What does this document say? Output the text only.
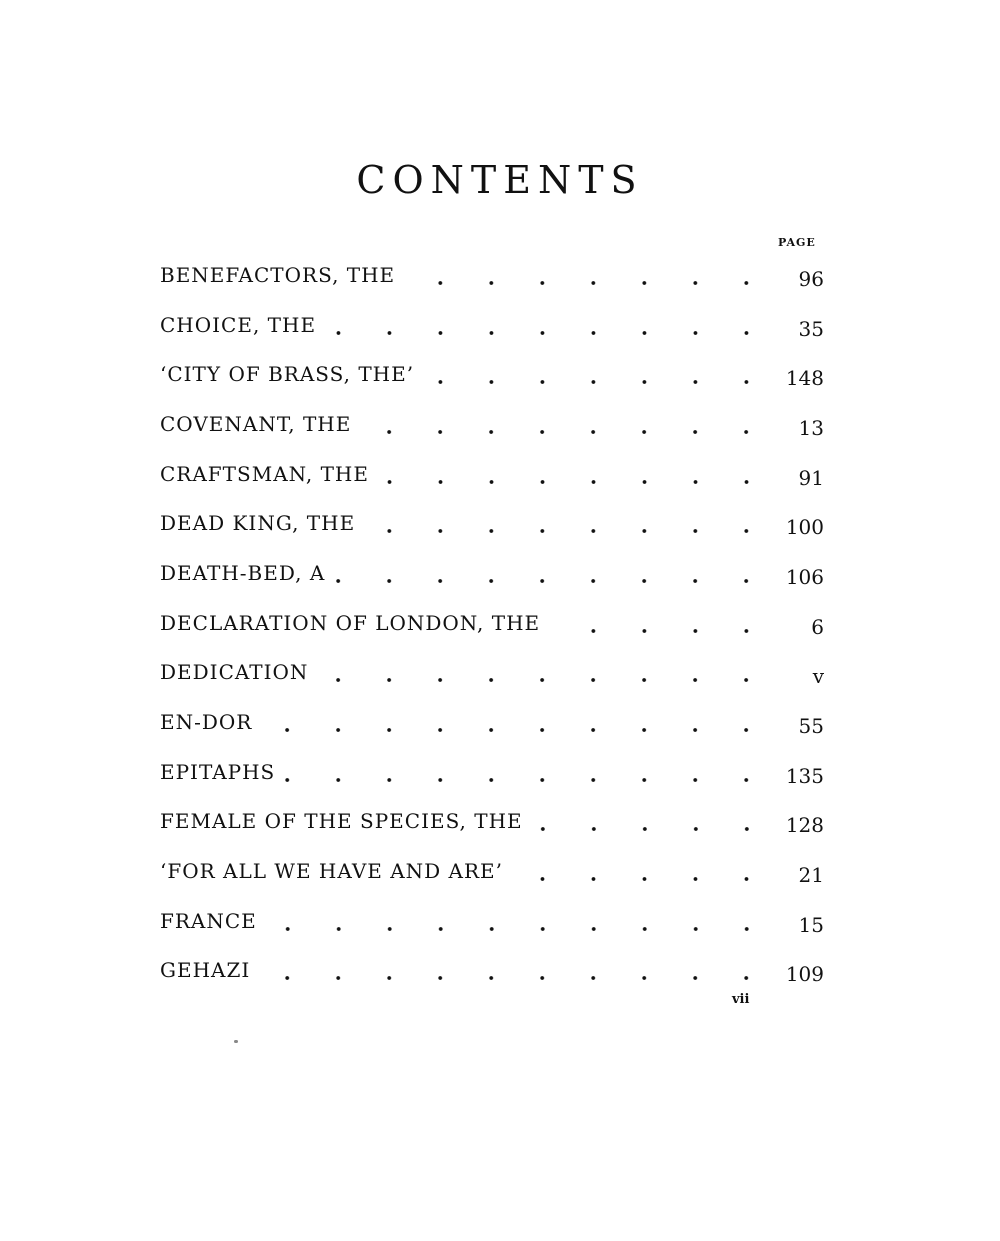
CONTENTS
PAGE
BENEFACTORS, THE	96
CHOICE, THE	35
‘CITY OF BRASS, THE’	148
COVENANT, THE	13
CRAFTSMAN, THE	91
DEAD KING, THE	100
DEATH-BED, A	106
DECLARATION OF LONDON, THE	6
DEDICATION	v
EN-DOR	55
EPITAPHS	135
FEMALE OF THE SPECIES, THE	128
‘FOR ALL WE HAVE AND ARE’	21
FRANCE	15
GEHAZI	109
vii
